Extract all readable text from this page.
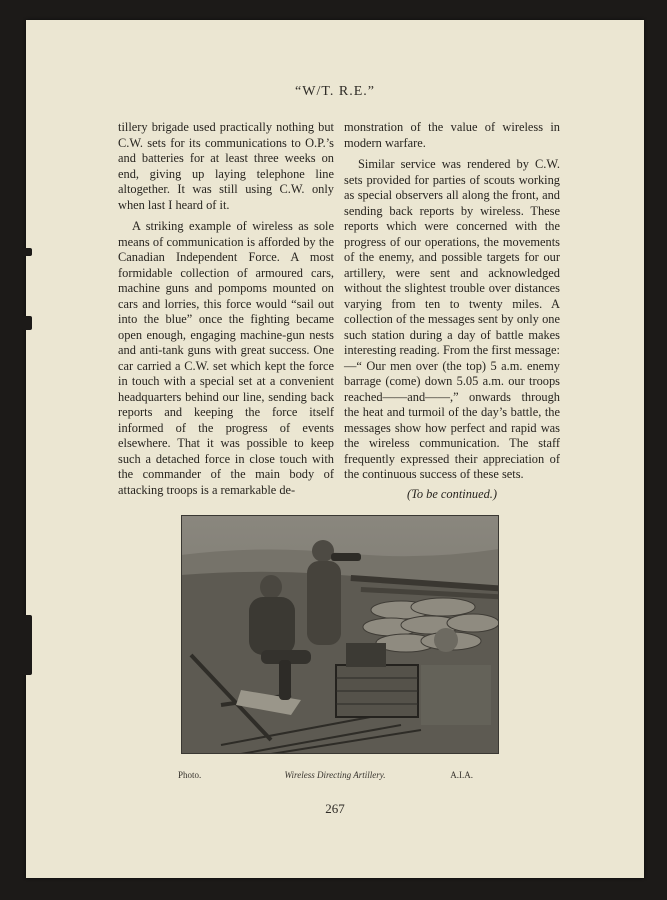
“W/T. R.E.”

tillery brigade used practically nothing but C.W. sets for its communications to O.P.’s and batteries for at least three weeks on end, giving up laying telephone line altogether. It was still using C.W. only when last I heard of it.

A striking example of wireless as sole means of communication is afforded by the Canadian Independent Force. A most formidable collection of armoured cars, machine guns and pompoms mounted on cars and lorries, this force would “sail out into the blue” once the fighting became open enough, engaging machine-gun nests and anti-tank guns with great success. One car carried a C.W. set which kept the force in touch with a special set at a convenient headquarters behind our line, sending back reports and keeping the force itself informed of the progress of events elsewhere. That it was possible to keep such a detached force in close touch with the commander of the main body of attacking troops is a remarkable de-

monstration of the value of wireless in modern warfare.

Similar service was rendered by C.W. sets provided for parties of scouts working as special observers all along the front, and sending back reports by wireless. These reports which were concerned with the progress of our operations, the movements of the enemy, and possible targets for our artillery, were sent and acknowledged without the slightest trouble over distances varying from ten to twenty miles. A collection of the messages sent by only one such station during a day of battle makes interesting reading. From the first message:—“ Our men over (the top) 5 a.m. enemy barrage (come) down 5.05 a.m. our troops reached——and——,” onwards through the heat and turmoil of the day’s battle, the messages show how perfect and rapid was the wireless communication. The staff frequently expressed their appreciation of the continuous success of these sets.

(To be continued.)

Photo.	Wireless Directing Artillery.	A.I.A.
267
